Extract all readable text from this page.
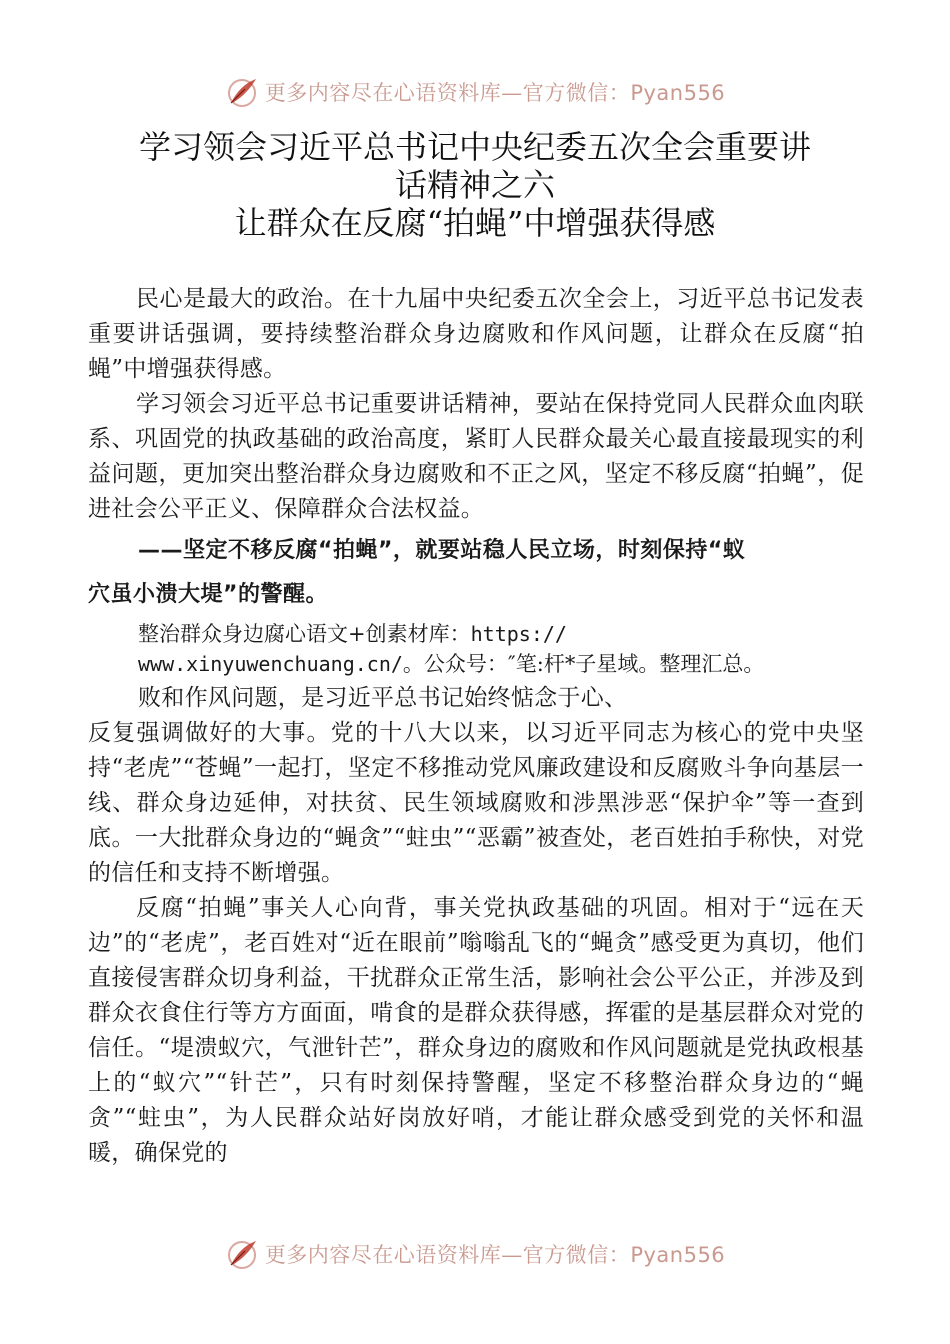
更多内容尽在心语资料库—官方微信：Pyan556
学习领会习近平总书记中央纪委五次全会重要讲
话精神之六
让群众在反腐“拍蝇”中增强获得感

民心是最大的政治。在十九届中央纪委五次全会上，习近平总书记发表重要讲话强调，要持续整治群众身边腐败和作风问题，让群众在反腐“拍蝇”中增强获得感。

学习领会习近平总书记重要讲话精神，要站在保持党同人民群众血肉联系、巩固党的执政基础的政治高度，紧盯人民群众最关心最直接最现实的利益问题，更加突出整治群众身边腐败和不正之风，坚定不移反腐“拍蝇”，促进社会公平正义、保障群众合法权益。

——坚定不移反腐“拍蝇”，就要站稳人民立场，时刻保持“蚁
穴虽小溃大堤”的警醒。
整治群众身边腐心语文+创素材库：https://
www.xinyuwenchuang.cn/。公众号：″笔:杆*子星域。整理汇总。

败和作风问题，是习近平总书记始终惦念于心、

反复强调做好的大事。党的十八大以来，以习近平同志为核心的党中央坚持“老虎”“苍蝇”一起打，坚定不移推动党风廉政建设和反腐败斗争向基层一线、群众身边延伸，对扶贫、民生领域腐败和涉黑涉恶“保护伞”等一查到底。一大批群众身边的“蝇贪”“蛀虫”“恶霸”被查处，老百姓拍手称快，对党的信任和支持不断增强。

反腐“拍蝇”事关人心向背，事关党执政基础的巩固。相对于“远在天边”的“老虎”，老百姓对“近在眼前”嗡嗡乱飞的“蝇贪”感受更为真切，他们直接侵害群众切身利益，干扰群众正常生活，影响社会公平公正，并涉及到群众衣食住行等方方面面，啃食的是群众获得感，挥霍的是基层群众对党的信任。“堤溃蚁穴，气泄针芒”，群众身边的腐败和作风问题就是党执政根基上的“蚁穴”“针芒”，只有时刻保持警醒，坚定不移整治群众身边的“蝇贪”“蛀虫”，为人民群众站好岗放好哨，才能让群众感受到党的关怀和温暖，确保党的

更多内容尽在心语资料库—官方微信：Pyan556
